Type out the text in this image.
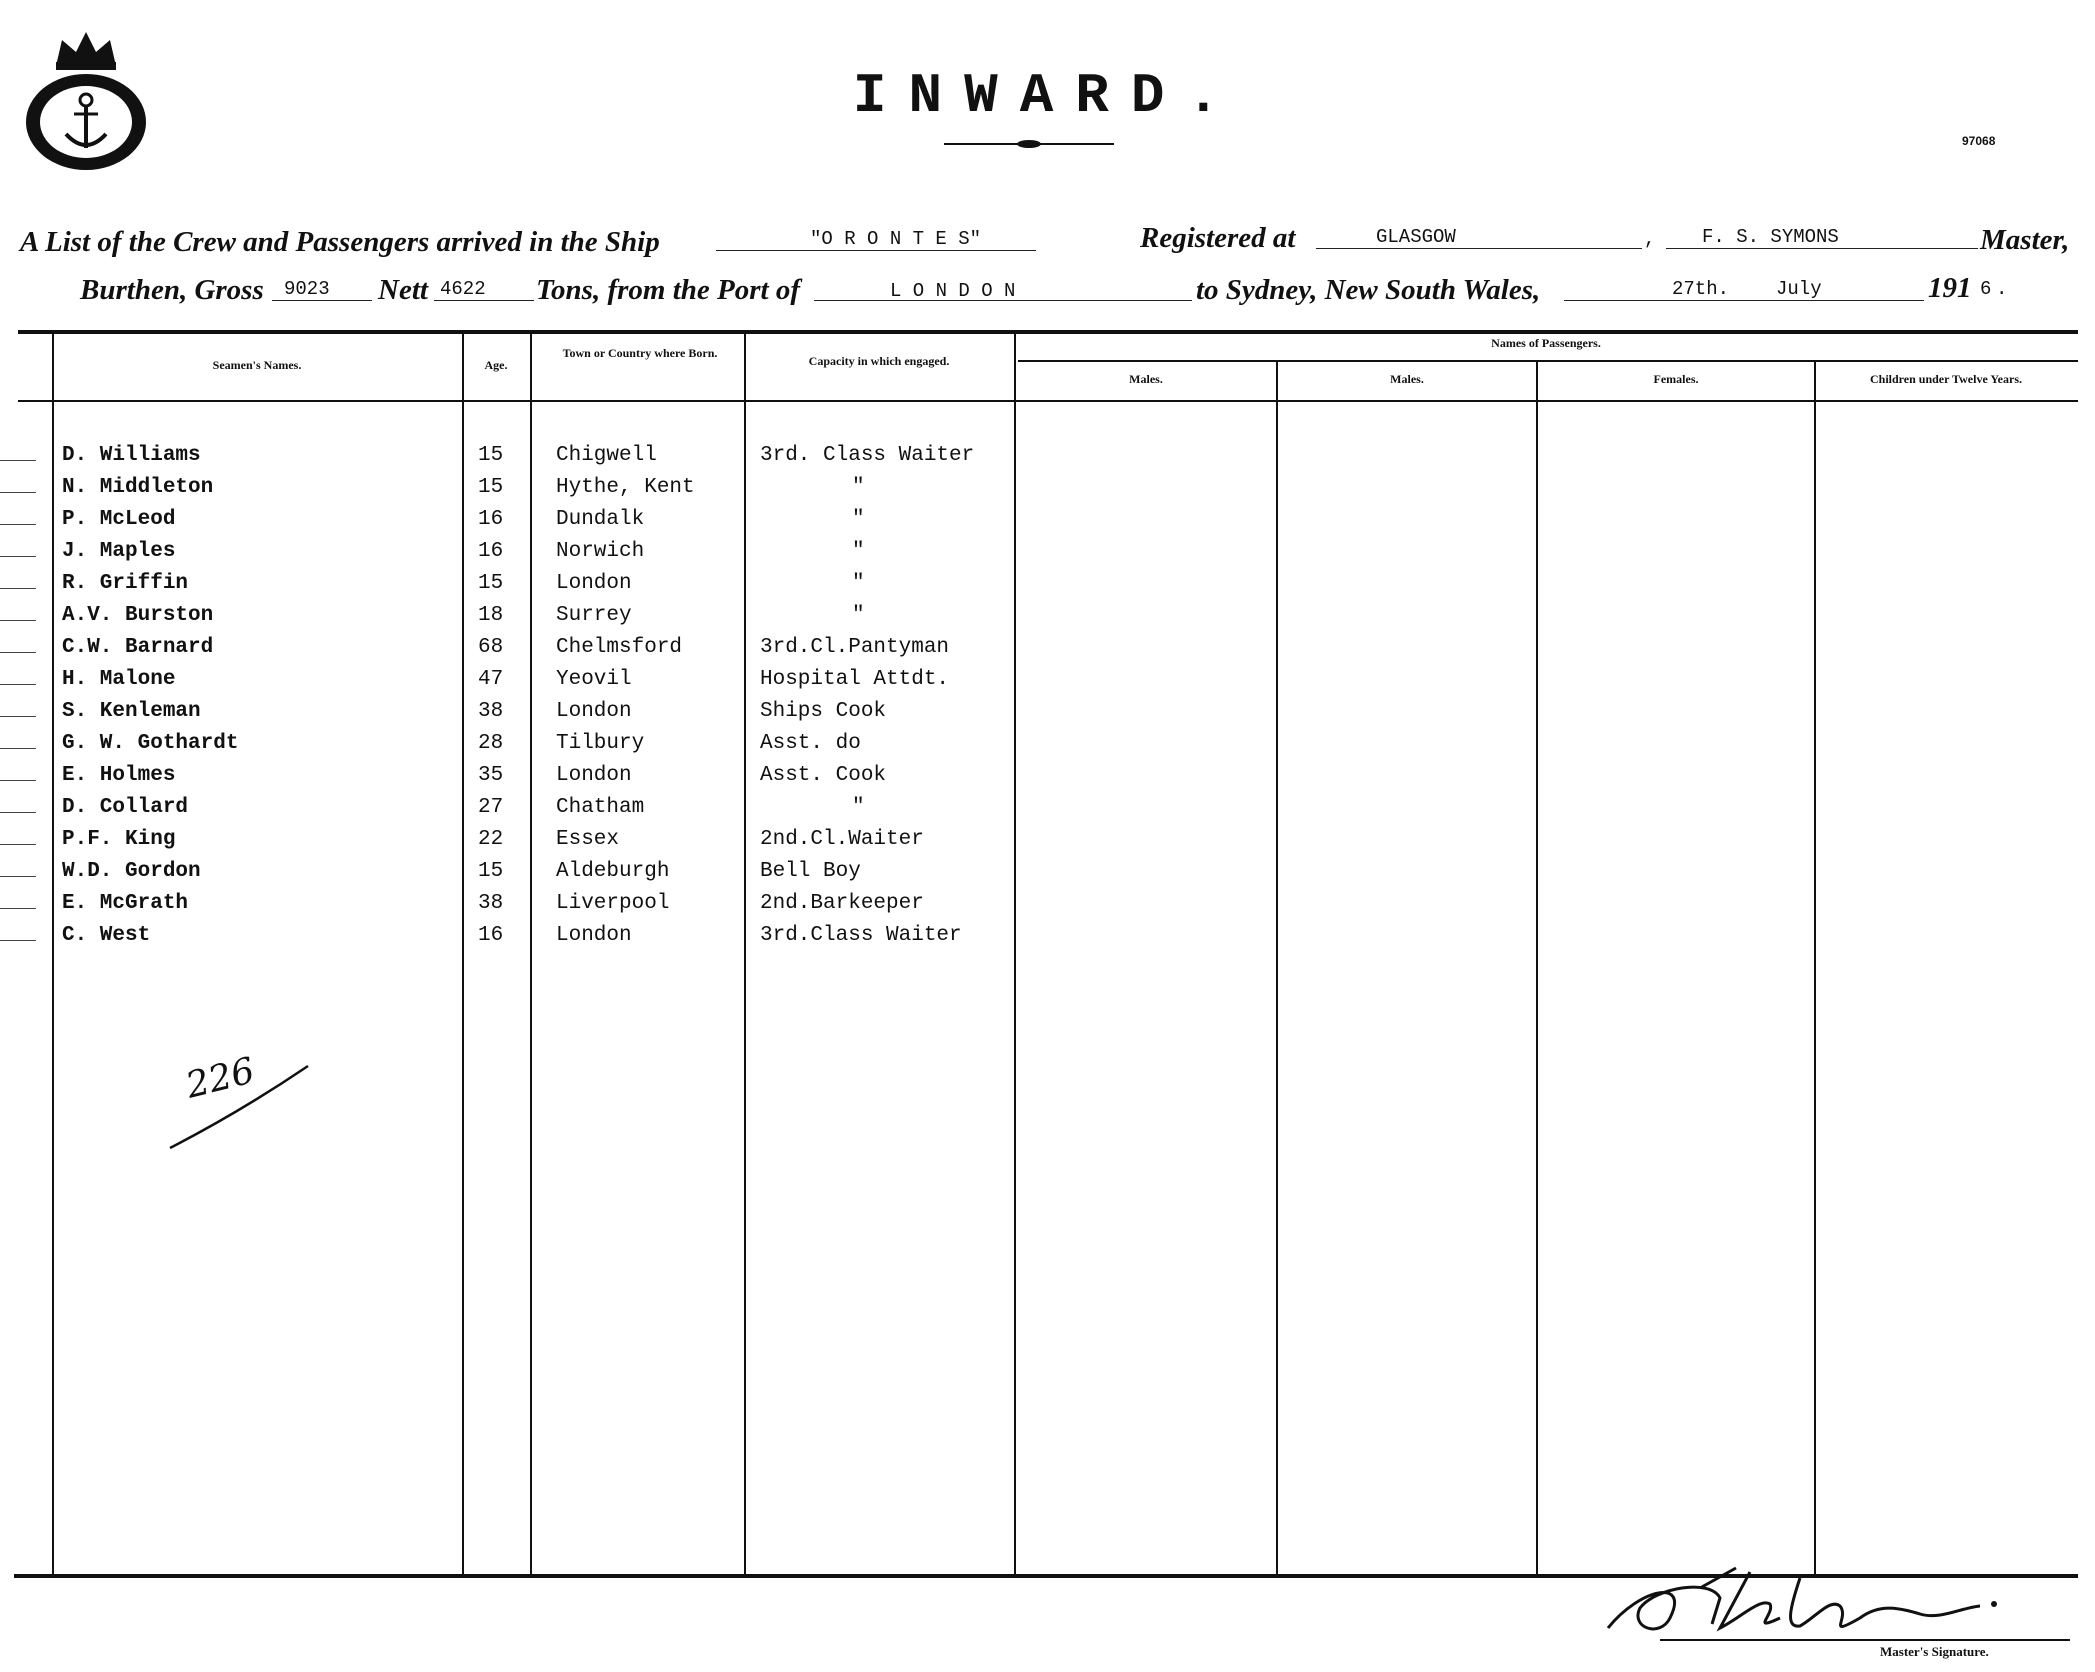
INWARD.
97068
A List of the Crew and Passengers arrived in the Ship	"O R O N T E S"	Registered at	GLASGOW	, F. S. SYMONS	Master,
Burthen, Gross 9023 Nett 4622 Tons, from the Port of	L O N D O N	to Sydney, New South Wales,	27th. July	191 6 .
Seamen's Names.	Age.
Town or Country where Born.
Capacity in which engaged.
Names of Passengers.
Males.	Males.	Females.	Children under Twelve Years.
D. Williams	15	Chigwell	3rd. Class Waiter
N. Middleton	15	Hythe, Kent	"
P. McLeod	16	Dundalk	"
J. Maples	16	Norwich	"
R. Griffin	15	London	"
A.V. Burston	18	Surrey	"
C.W. Barnard	68	Chelmsford	3rd.Cl.Pantyman
H. Malone	47	Yeovil	Hospital Attdt.
S. Kenleman	38	London	Ships Cook
G. W. Gothardt	28	Tilbury	Asst. do
E. Holmes	35	London	Asst. Cook
D. Collard	27	Chatham	"
P.F. King	22	Essex	2nd.Cl.Waiter
W.D. Gordon	15	Aldeburgh	Bell Boy
E. McGrath	38	Liverpool	2nd.Barkeeper
C. West	16	London	3rd.Class Waiter
226
Master's Signature.
